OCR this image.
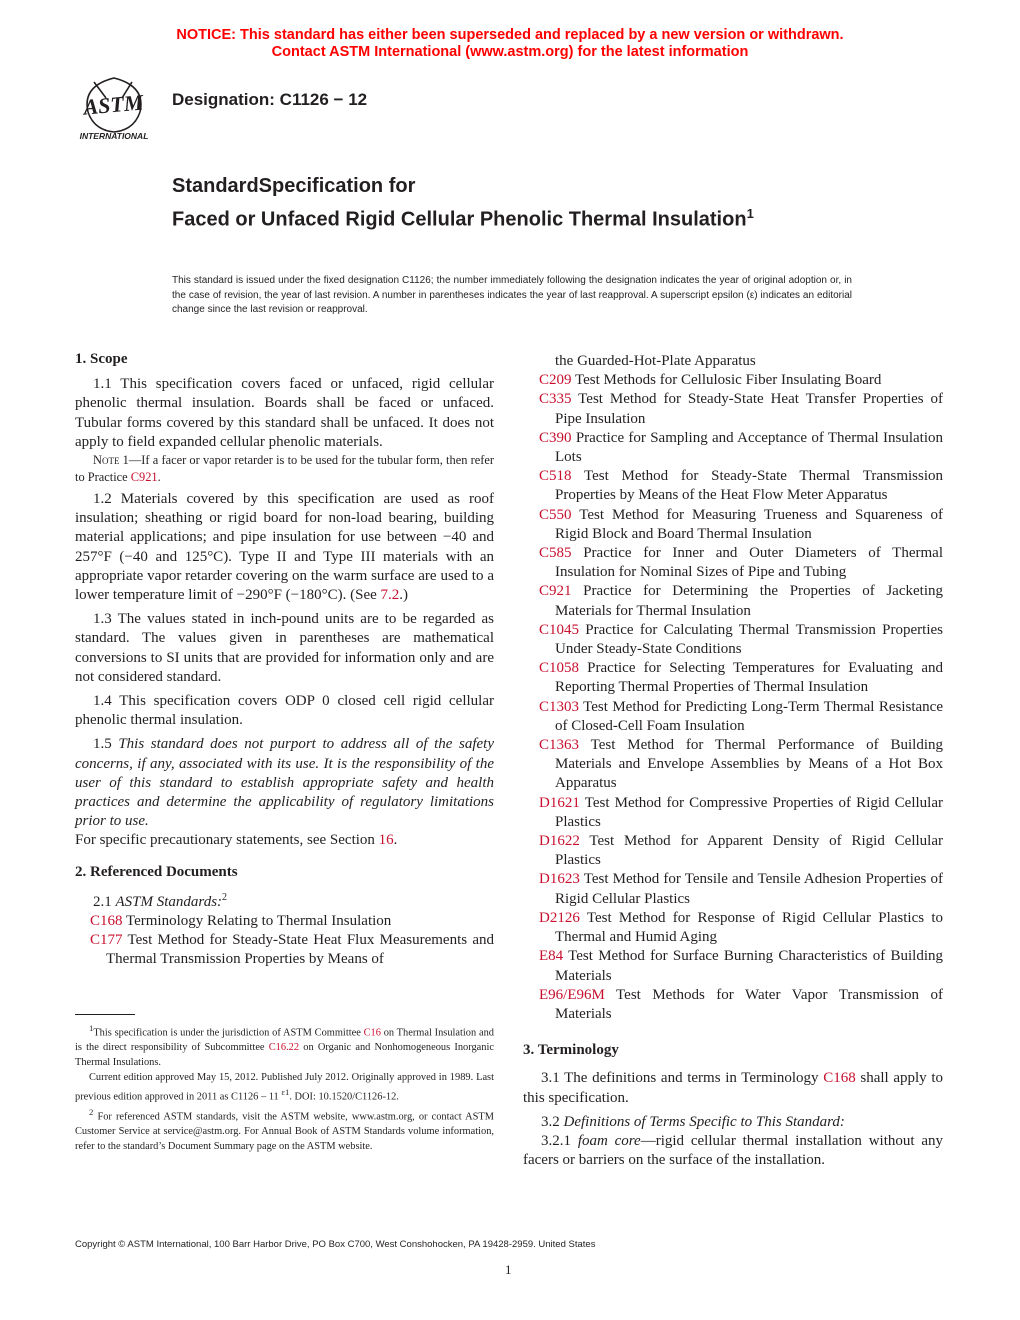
NOTICE: This standard has either been superseded and replaced by a new version or withdrawn.
Contact ASTM International (www.astm.org) for the latest information
ASTM
INTERNATIONAL
Designation: C1126 − 12
StandardSpecification for
Faced or Unfaced Rigid Cellular Phenolic Thermal Insulation$^1$
This standard is issued under the fixed designation C1126; the number immediately following the designation indicates the year of original adoption or, in the case of revision, the year of last revision. A number in parentheses indicates the year of last reapproval. A superscript epsilon (ε) indicates an editorial change since the last revision or reapproval.
1. Scope

1.1 This specification covers faced or unfaced, rigid cellular phenolic thermal insulation. Boards shall be faced or unfaced. Tubular forms covered by this standard shall be unfaced. It does not apply to field expanded cellular phenolic materials.

Note 1—If a facer or vapor retarder is to be used for the tubular form, then refer to Practice C921.

1.2 Materials covered by this specification are used as roof insulation; sheathing or rigid board for non-load bearing, building material applications; and pipe insulation for use between −40 and 257°F (−40 and 125°C). Type II and Type III materials with an appropriate vapor retarder covering on the warm surface are used to a lower temperature limit of −290°F (−180°C). (See 7.2.)

1.3 The values stated in inch-pound units are to be regarded as standard. The values given in parentheses are mathematical conversions to SI units that are provided for information only and are not considered standard.

1.4 This specification covers ODP 0 closed cell rigid cellular phenolic thermal insulation.

1.5 This standard does not purport to address all of the safety concerns, if any, associated with its use. It is the responsibility of the user of this standard to establish appropriate safety and health practices and determine the applicability of regulatory limitations prior to use.

For specific precautionary statements, see Section 16.

2. Referenced Documents

2.1 ASTM Standards:$^2$

C168 Terminology Relating to Thermal Insulation

C177 Test Method for Steady-State Heat Flux Measurements and Thermal Transmission Properties by Means of

$^1$This specification is under the jurisdiction of ASTM Committee C16 on Thermal Insulation and is the direct responsibility of Subcommittee C16.22 on Organic and Nonhomogeneous Inorganic Thermal Insulations.

Current edition approved May 15, 2012. Published July 2012. Originally approved in 1989. Last previous edition approved in 2011 as C1126 – 11 $^{\varepsilon 1}$. DOI: 10.1520/C1126-12.

$^2$ For referenced ASTM standards, visit the ASTM website, www.astm.org, or contact ASTM Customer Service at service@astm.org. For Annual Book of ASTM Standards volume information, refer to the standard’s Document Summary page on the ASTM website.

the Guarded-Hot-Plate Apparatus

C209 Test Methods for Cellulosic Fiber Insulating Board

C335 Test Method for Steady-State Heat Transfer Properties of Pipe Insulation

C390 Practice for Sampling and Acceptance of Thermal Insulation Lots

C518 Test Method for Steady-State Thermal Transmission Properties by Means of the Heat Flow Meter Apparatus

C550 Test Method for Measuring Trueness and Squareness of Rigid Block and Board Thermal Insulation

C585 Practice for Inner and Outer Diameters of Thermal Insulation for Nominal Sizes of Pipe and Tubing

C921 Practice for Determining the Properties of Jacketing Materials for Thermal Insulation

C1045 Practice for Calculating Thermal Transmission Properties Under Steady-State Conditions

C1058 Practice for Selecting Temperatures for Evaluating and Reporting Thermal Properties of Thermal Insulation

C1303 Test Method for Predicting Long-Term Thermal Resistance of Closed-Cell Foam Insulation

C1363 Test Method for Thermal Performance of Building Materials and Envelope Assemblies by Means of a Hot Box Apparatus

D1621 Test Method for Compressive Properties of Rigid Cellular Plastics

D1622 Test Method for Apparent Density of Rigid Cellular Plastics

D1623 Test Method for Tensile and Tensile Adhesion Properties of Rigid Cellular Plastics

D2126 Test Method for Response of Rigid Cellular Plastics to Thermal and Humid Aging

E84 Test Method for Surface Burning Characteristics of Building Materials

E96/E96M Test Methods for Water Vapor Transmission of Materials

3. Terminology

3.1 The definitions and terms in Terminology C168 shall apply to this specification.

3.2 Definitions of Terms Specific to This Standard:

3.2.1 foam core—rigid cellular thermal installation without any facers or barriers on the surface of the installation.

Copyright © ASTM International, 100 Barr Harbor Drive, PO Box C700, West Conshohocken, PA 19428-2959. United States
1
